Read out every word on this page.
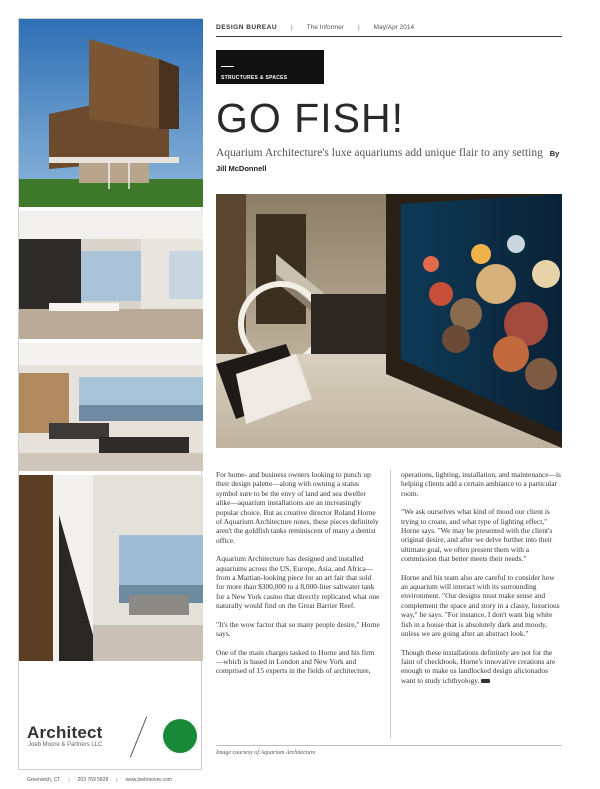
Architect
Joeb Moore & Partners LLC
Greenwich, CT | 203 769 5828 | www.joebmoore.com
DESIGN BUREAU | The Informer | May/Apr 2014
STRUCTURES & SPACES
GO FISH!
Aquarium Architecture's luxe aquariums add unique flair to any setting By Jill McDonnell

For home- and business owners looking to punch up their design palette—along with owning a status symbol sure to be the envy of land and sea dweller alike—aquarium installations are an increasingly popular choice. But as creative director Roland Horne of Aquarium Architecture notes, these pieces definitely aren't the goldfish tanks reminiscent of many a dentist office.

Aquarium Architecture has designed and installed aquariums across the US, Europe, Asia, and Africa—from a Martian-looking piece for an art fair that sold for more than $300,000 to a 8,000-liter saltwater tank for a New York casino that directly replicated what one naturally would find on the Great Barrier Reef.

"It's the wow factor that so many people desire," Horne says.

One of the main charges tasked to Horne and his firm—which is based in London and New York and comprised of 15 experts in the fields of architecture,

operations, lighting, installation, and maintenance—is helping clients add a certain ambiance to a particular room.

"We ask ourselves what kind of mood our client is trying to create, and what type of lighting effect," Horne says. "We may be presented with the client's original desire, and after we delve further into their ultimate goal, we often present them with a commission that better meets their needs."

Horne and his team also are careful to consider how an aquarium will interact with its surrounding environment. "Our designs must make sense and complement the space and story in a classy, luxurious way," he says. "For instance, I don't want big white fish in a house that is absolutely dark and moody, unless we are going after an abstract look."

Though these installations definitely are not for the faint of checkbook, Horne's innovative creations are enough to make us landlocked design aficionados want to study ichthyology.

Image courtesy of Aquarium Architecture
